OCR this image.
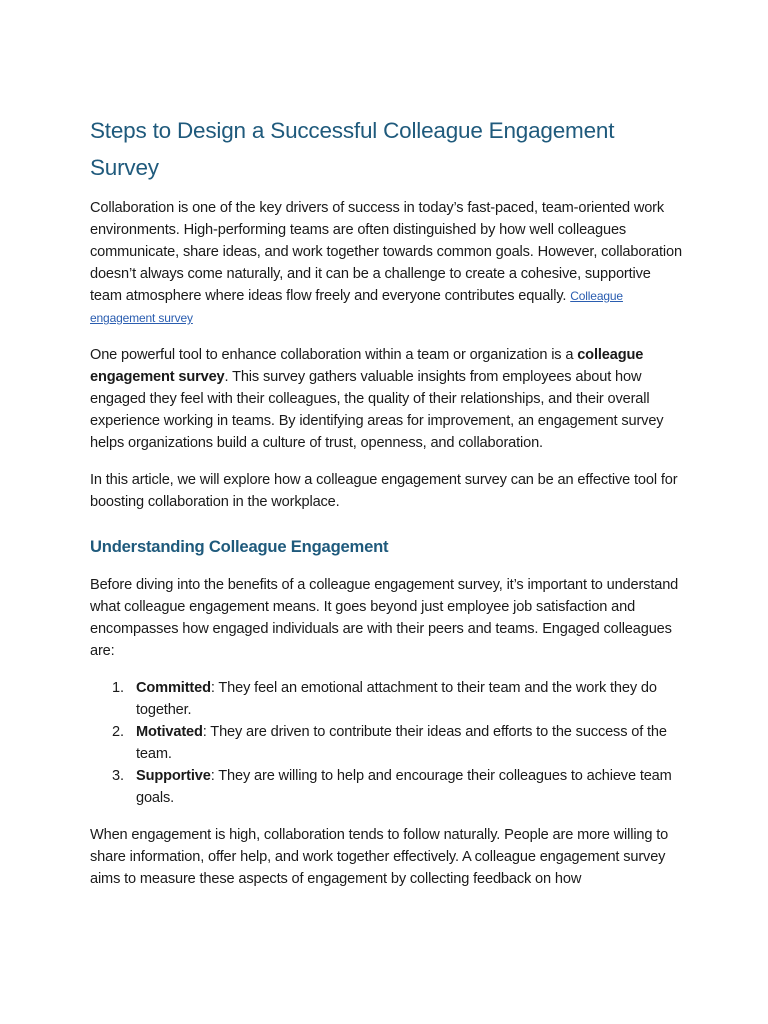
Steps to Design a Successful Colleague Engagement Survey

Collaboration is one of the key drivers of success in today’s fast-paced, team-oriented work environments. High-performing teams are often distinguished by how well colleagues communicate, share ideas, and work together towards common goals. However, collaboration doesn’t always come naturally, and it can be a challenge to create a cohesive, supportive team atmosphere where ideas flow freely and everyone contributes equally. Colleague engagement survey

One powerful tool to enhance collaboration within a team or organization is a colleague engagement survey. This survey gathers valuable insights from employees about how engaged they feel with their colleagues, the quality of their relationships, and their overall experience working in teams. By identifying areas for improvement, an engagement survey helps organizations build a culture of trust, openness, and collaboration.

In this article, we will explore how a colleague engagement survey can be an effective tool for boosting collaboration in the workplace.

Understanding Colleague Engagement

Before diving into the benefits of a colleague engagement survey, it’s important to understand what colleague engagement means. It goes beyond just employee job satisfaction and encompasses how engaged individuals are with their peers and teams. Engaged colleagues are:

1. Committed: They feel an emotional attachment to their team and the work they do together.
2. Motivated: They are driven to contribute their ideas and efforts to the success of the team.
3. Supportive: They are willing to help and encourage their colleagues to achieve team goals.

When engagement is high, collaboration tends to follow naturally. People are more willing to share information, offer help, and work together effectively. A colleague engagement survey aims to measure these aspects of engagement by collecting feedback on how
